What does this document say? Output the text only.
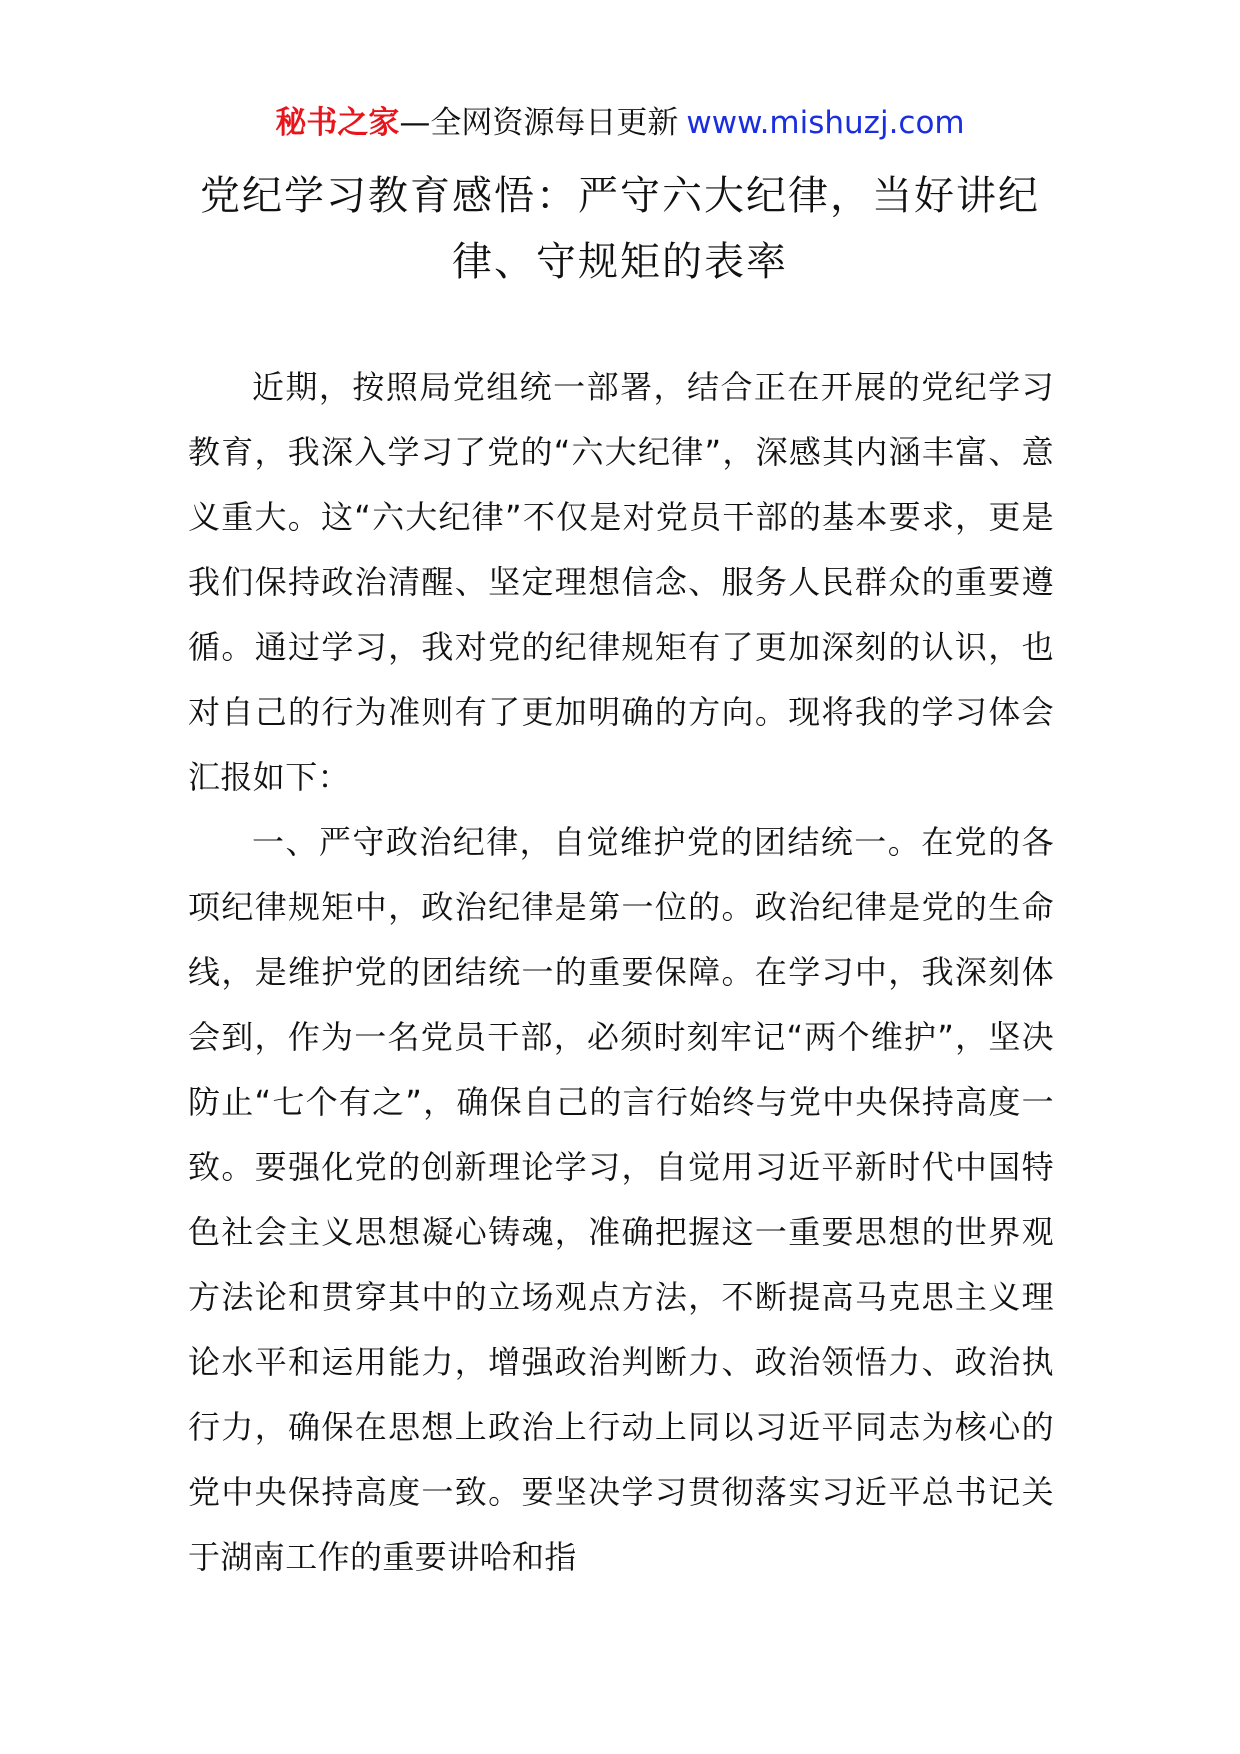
秘书之家—全网资源每日更新 www.mishuzj.com
党纪学习教育感悟：严守六大纪律，当好讲纪
律、守规矩的表率

近期，按照局党组统一部署，结合正在开展的党纪学习教育，我深入学习了党的“六大纪律”，深感其内涵丰富、意义重大。这“六大纪律”不仅是对党员干部的基本要求，更是我们保持政治清醒、坚定理想信念、服务人民群众的重要遵循。通过学习，我对党的纪律规矩有了更加深刻的认识，也对自己的行为准则有了更加明确的方向。现将我的学习体会汇报如下：

一、严守政治纪律，自觉维护党的团结统一。在党的各项纪律规矩中，政治纪律是第一位的。政治纪律是党的生命线，是维护党的团结统一的重要保障。在学习中，我深刻体会到，作为一名党员干部，必须时刻牢记“两个维护”，坚决防止“七个有之”，确保自己的言行始终与党中央保持高度一致。要强化党的创新理论学习，自觉用习近平新时代中国特色社会主义思想凝心铸魂，准确把握这一重要思想的世界观方法论和贯穿其中的立场观点方法，不断提高马克思主义理论水平和运用能力，增强政治判断力、政治领悟力、政治执行力，确保在思想上政治上行动上同以习近平同志为核心的党中央保持高度一致。要坚决学习贯彻落实习近平总书记关于湖南工作的重要讲哈和指
